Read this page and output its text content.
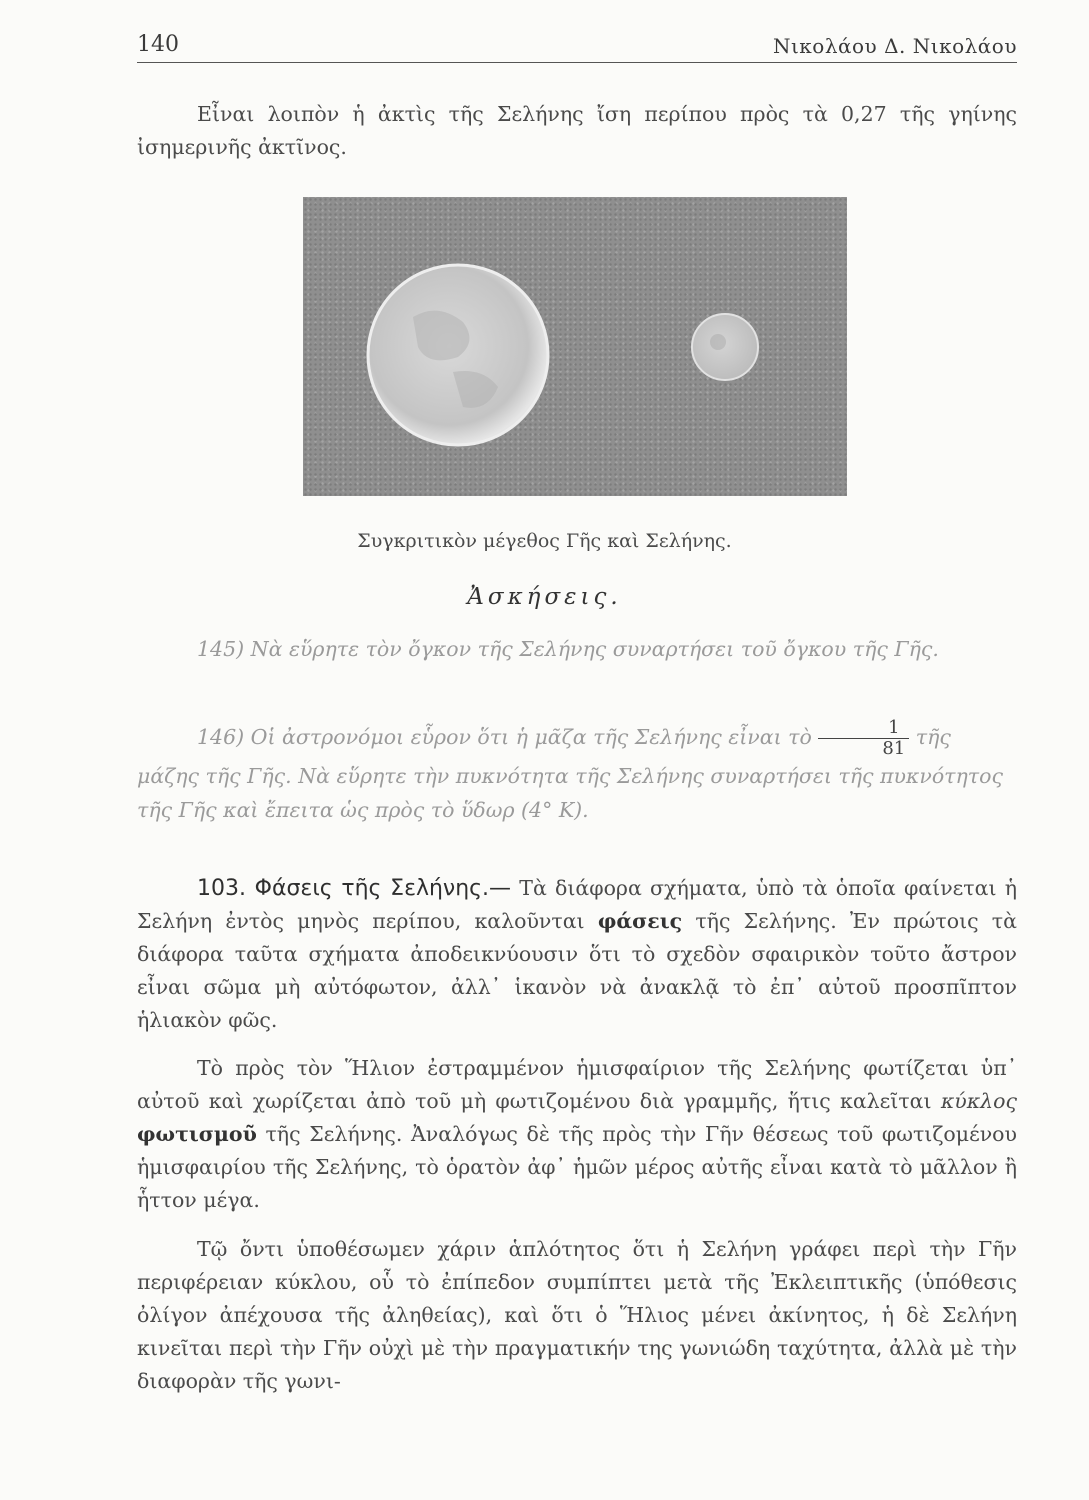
140	Νικολάου Δ. Νικολάου
Εἶναι λοιπὸν ἡ ἀκτὶς τῆς Σελήνης ἴση περίπου πρὸς τὰ 0,27 τῆς γηίνης ἰσημερινῆς ἀκτῖνος.
Συγκριτικὸν μέγεθος Γῆς καὶ Σελήνης.
Ἀσκήσεις.
145) Νὰ εὕρητε τὸν ὄγκον τῆς Σελήνης συναρτήσει τοῦ ὄγκου τῆς Γῆς.
146) Οἱ ἀστρονόμοι εὗρον ὅτι ἡ μᾶζα τῆς Σελήνης εἶναι τὸ $\frac{1}{81}$ τῆς μάζης τῆς Γῆς. Νὰ εὕρητε τὴν πυκνότητα τῆς Σελήνης συναρτήσει τῆς πυκνότητος τῆς Γῆς καὶ ἔπειτα ὡς πρὸς τὸ ὕδωρ (4° Κ).
103. Φάσεις τῆς Σελήνης.— Τὰ διάφορα σχήματα, ὑπὸ τὰ ὁποῖα φαίνεται ἡ Σελήνη ἐντὸς μηνὸς περίπου, καλοῦνται φάσεις τῆς Σελήνης. Ἐν πρώτοις τὰ διάφορα ταῦτα σχήματα ἀποδεικνύουσιν ὅτι τὸ σχεδὸν σφαιρικὸν τοῦτο ἄστρον εἶναι σῶμα μὴ αὐτόφωτον, ἀλλ᾿ ἱκανὸν νὰ ἀνακλᾷ τὸ ἐπ᾿ αὐτοῦ προσπῖπτον ἡλιακὸν φῶς.
Τὸ πρὸς τὸν Ἥλιον ἐστραμμένον ἡμισφαίριον τῆς Σελήνης φωτίζεται ὑπ᾿ αὐτοῦ καὶ χωρίζεται ἀπὸ τοῦ μὴ φωτιζομένου διὰ γραμμῆς, ἥτις καλεῖται κύκλος φωτισμοῦ τῆς Σελήνης. Ἀναλόγως δὲ τῆς πρὸς τὴν Γῆν θέσεως τοῦ φωτιζομένου ἡμισφαιρίου τῆς Σελήνης, τὸ ὁρατὸν ἀφ᾿ ἡμῶν μέρος αὐτῆς εἶναι κατὰ τὸ μᾶλλον ἢ ἧττον μέγα.
Τῷ ὄντι ὑποθέσωμεν χάριν ἁπλότητος ὅτι ἡ Σελήνη γράφει περὶ τὴν Γῆν περιφέρειαν κύκλου, οὗ τὸ ἐπίπεδον συμπίπτει μετὰ τῆς Ἐκλειπτικῆς (ὑπόθεσις ὀλίγον ἀπέχουσα τῆς ἀληθείας), καὶ ὅτι ὁ Ἥλιος μένει ἀκίνητος, ἡ δὲ Σελήνη κινεῖται περὶ τὴν Γῆν οὐχὶ μὲ τὴν πραγματικήν της γωνιώδη ταχύτητα, ἀλλὰ μὲ τὴν διαφορὰν τῆς γωνι-
